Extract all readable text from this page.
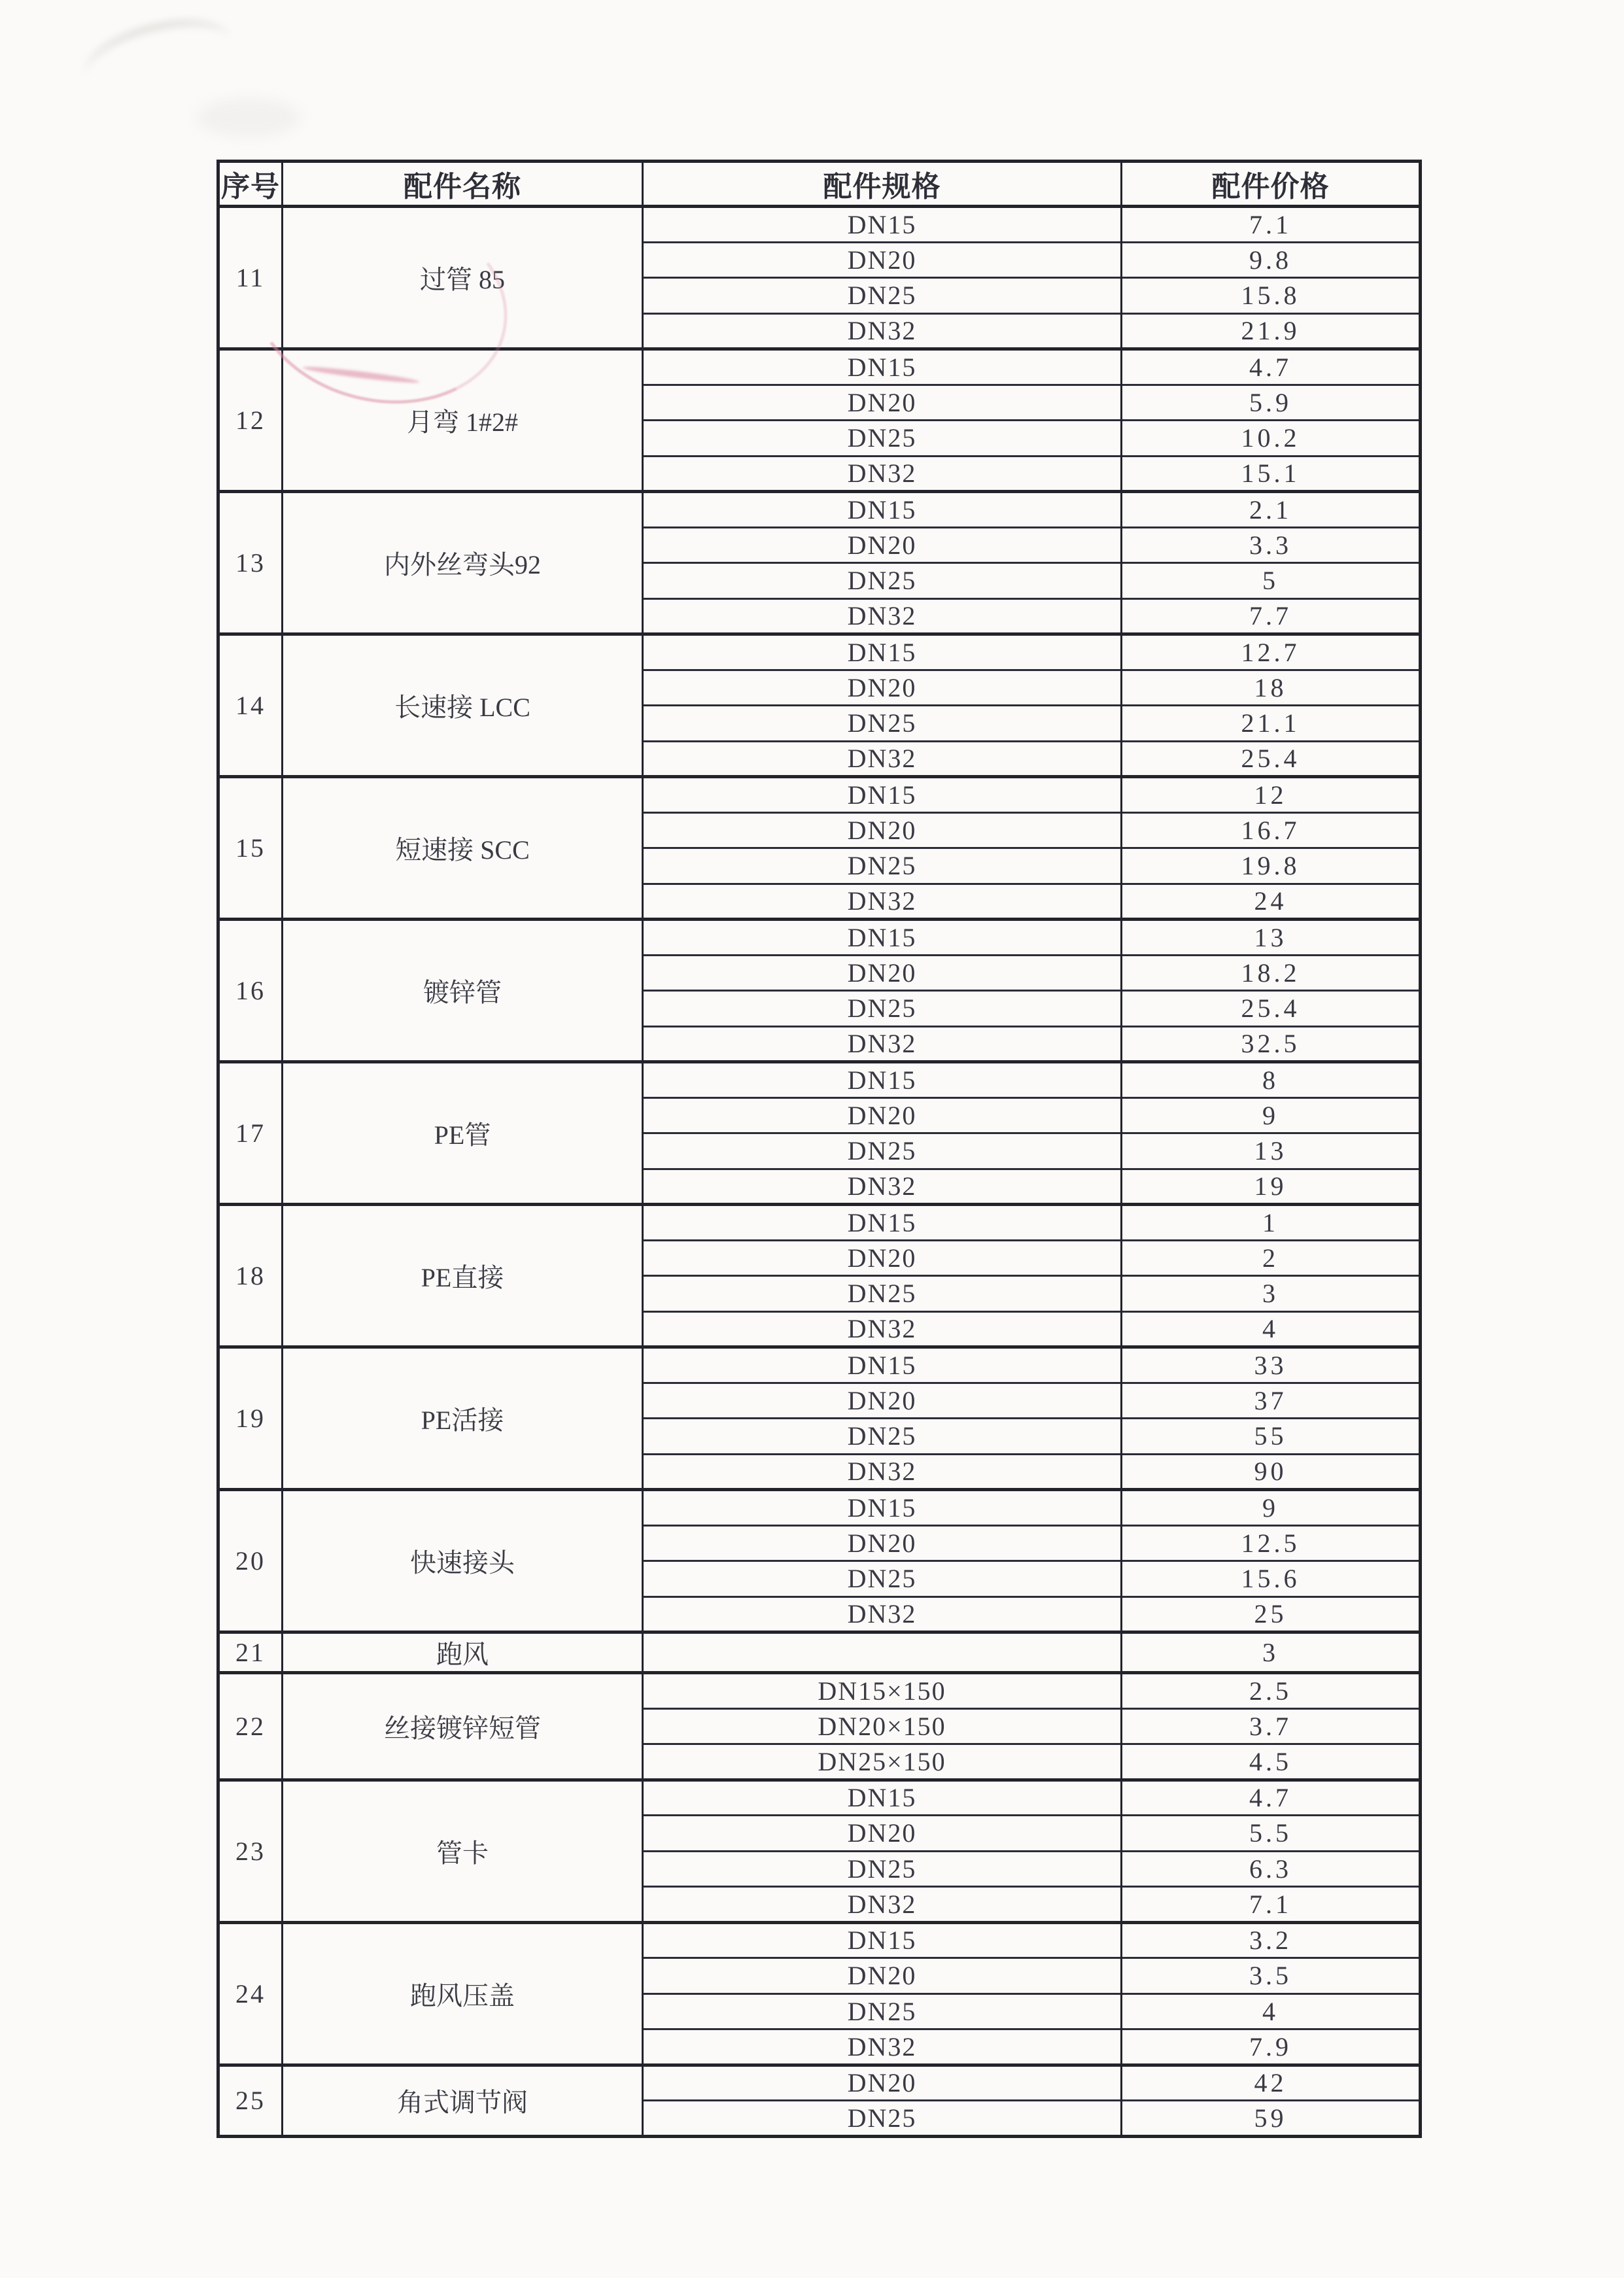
序号	配件名称	配件规格	配件价格
11	过管 85	DN15	7.1
		DN20	9.8
		DN25	15.8
		DN32	21.9
12	月弯 1#2#	DN15	4.7
		DN20	5.9
		DN25	10.2
		DN32	15.1
13	内外丝弯头92	DN15	2.1
		DN20	3.3
		DN25	5
		DN32	7.7
14	长速接 LCC	DN15	12.7
		DN20	18
		DN25	21.1
		DN32	25.4
15	短速接 SCC	DN15	12
		DN20	16.7
		DN25	19.8
		DN32	24
16	镀锌管	DN15	13
		DN20	18.2
		DN25	25.4
		DN32	32.5
17	PE管	DN15	8
		DN20	9
		DN25	13
		DN32	19
18	PE直接	DN15	1
		DN20	2
		DN25	3
		DN32	4
19	PE活接	DN15	33
		DN20	37
		DN25	55
		DN32	90
20	快速接头	DN15	9
		DN20	12.5
		DN25	15.6
		DN32	25
21	跑风		3
22	丝接镀锌短管	DN15×150	2.5
		DN20×150	3.7
		DN25×150	4.5
23	管卡	DN15	4.7
		DN20	5.5
		DN25	6.3
		DN32	7.1
24	跑风压盖	DN15	3.2
		DN20	3.5
		DN25	4
		DN32	7.9
25	角式调节阀	DN20	42
		DN25	59
